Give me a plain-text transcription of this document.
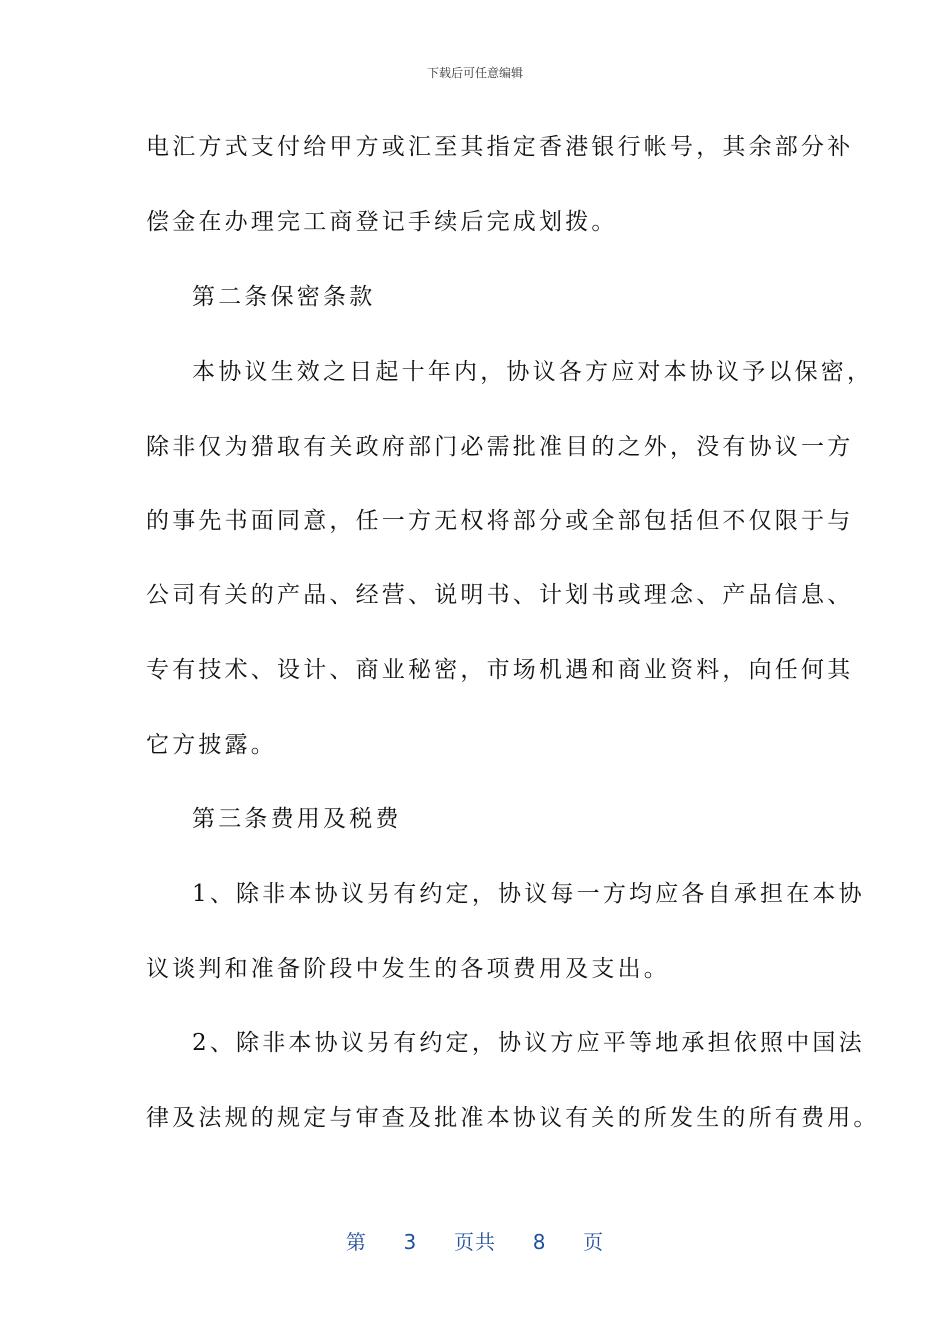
下载后可任意编辑
电汇方式支付给甲方或汇至其指定香港银行帐号，其余部分补
偿金在办理完工商登记手续后完成划拨。
第二条保密条款
本协议生效之日起十年内，协议各方应对本协议予以保密，
除非仅为猎取有关政府部门必需批准目的之外，没有协议一方
的事先书面同意，任一方无权将部分或全部包括但不仅限于与
公司有关的产品、经营、说明书、计划书或理念、产品信息、
专有技术、设计、商业秘密，市场机遇和商业资料，向任何其
它方披露。
第三条费用及税费
1、除非本协议另有约定，协议每一方均应各自承担在本协
议谈判和准备阶段中发生的各项费用及支出。
2、除非本协议另有约定，协议方应平等地承担依照中国法
律及法规的规定与审查及批准本协议有关的所发生的所有费用。
第 3 页共 8 页
